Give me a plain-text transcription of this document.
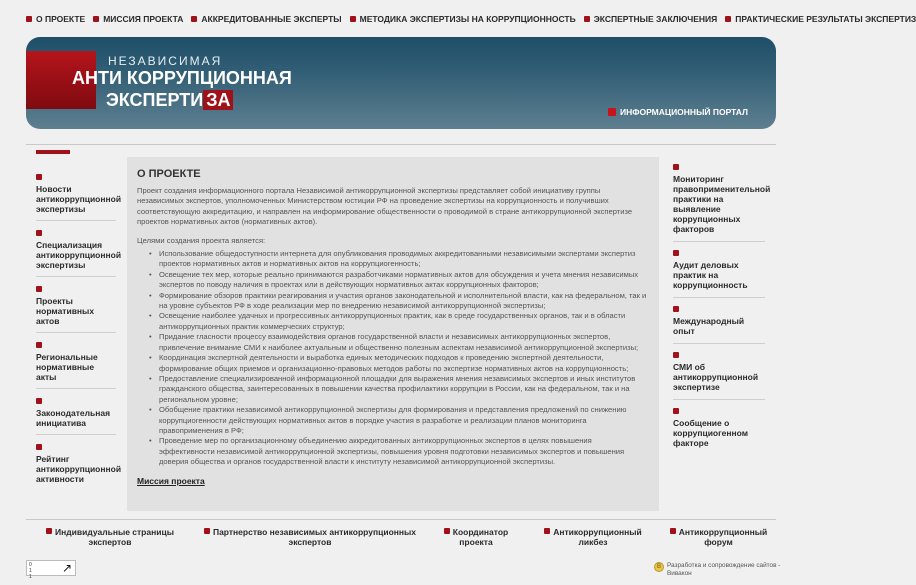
О ПРОЕКТЕ МИССИЯ ПРОЕКТА АККРЕДИТОВАННЫЕ ЭКСПЕРТЫ МЕТОДИКА ЭКСПЕРТИЗЫ НА КОРРУПЦИОННОСТЬ ЭКСПЕРТНЫЕ ЗАКЛЮЧЕНИЯ ПРАКТИЧЕСКИЕ РЕЗУЛЬТАТЫ ЭКСПЕРТИЗ
НЕЗАВИСИМАЯ
АНТИ КОРРУПЦИОННАЯ
ЭКСПЕРТИ ЗА
ИНФОРМАЦИОННЫЙ ПОРТАЛ
Новости антикоррупционной экспертизы
Специализация антикоррупционной экспертизы
Проекты нормативных актов
Региональные нормативные акты
Законодательная инициатива
Рейтинг антикоррупционной активности
О ПРОЕКТЕ

Проект создания информационного портала Независимой антикоррупционной экспертизы представляет собой инициативу группы независимых экспертов, уполномоченных Министерством юстиции РФ на проведение экспертизы на коррупционность и получивших соответствующую аккредитацию, и направлен на информирование общественности о проводимой в стране антикоррупционной экспертизе проектов нормативных актов (нормативных актов).

Целями создания проекта является:

• Использование общедоступности интернета для опубликования проводимых аккредитованными независимыми экспертами экспертиз проектов нормативных актов и нормативных актов на коррупциогенность;
• Освещение тех мер, которые реально принимаются разработчиками нормативных актов для обсуждения и учета мнения независимых экспертов по поводу наличия в проектах или в действующих нормативных актах коррупционных факторов;
• Формирование обзоров практики реагирования и участия органов законодательной и исполнительной власти, как на федеральном, так и на уровне субъектов РФ в ходе реализации мер по внедрению независимой антикоррупционной экспертизы;
• Освещение наиболее удачных и прогрессивных антикоррупционных практик, как в среде государственных органов, так и в области антикоррупционных практик коммерческих структур;
• Придание гласности процессу взаимодействия органов государственной власти и независимых антикоррупционных экспертов, привлечение внимание СМИ к наиболее актуальным и общественно полезным аспектам независимой антикоррупционной экспертизы;
• Координация экспертной деятельности и выработка единых методических подходов к проведению экспертной деятельности, формирование общих приемов и организационно-правовых методов работы по экспертизе нормативных актов на коррупционность;
• Предоставление специализированной информационной площадки для выражения мнения независимых экспертов и иных институтов гражданского общества, заинтересованных в повышении качества профилактики коррупции в России, как на федеральном, так и на региональном уровне;
• Обобщение практики независимой антикоррупционной экспертизы для формирования и представления предложений по снижению коррупциогенности действующих нормативных актов в порядке участия в разработке и реализации планов мониторинга правоприменения в РФ;
• Проведение мер по организационному объединению аккредитованных антикоррупционных экспертов в целях повышения эффективности независимой антикоррупционной экспертизы, повышения уровня подготовки независимых экспертов и повышения доверия общества и органов государственной власти к институту независимой антикоррупционной экспертизы.
Миссия проекта
Мониторинг правоприменительной практики на выявление коррупционных факторов
Аудит деловых практик на коррупционность
Международный опыт
СМИ об антикоррупционной экспертизе
Сообщение о коррупциогенном факторе
Индивидуальные страницы экспертов
Партнерство независимых антикоррупционных экспертов
Координатор проекта
Антикоррупционный ликбез
Антикоррупционный форум
0
1
1
↗	В Разработка и сопровождение сайтов - Вивакон
